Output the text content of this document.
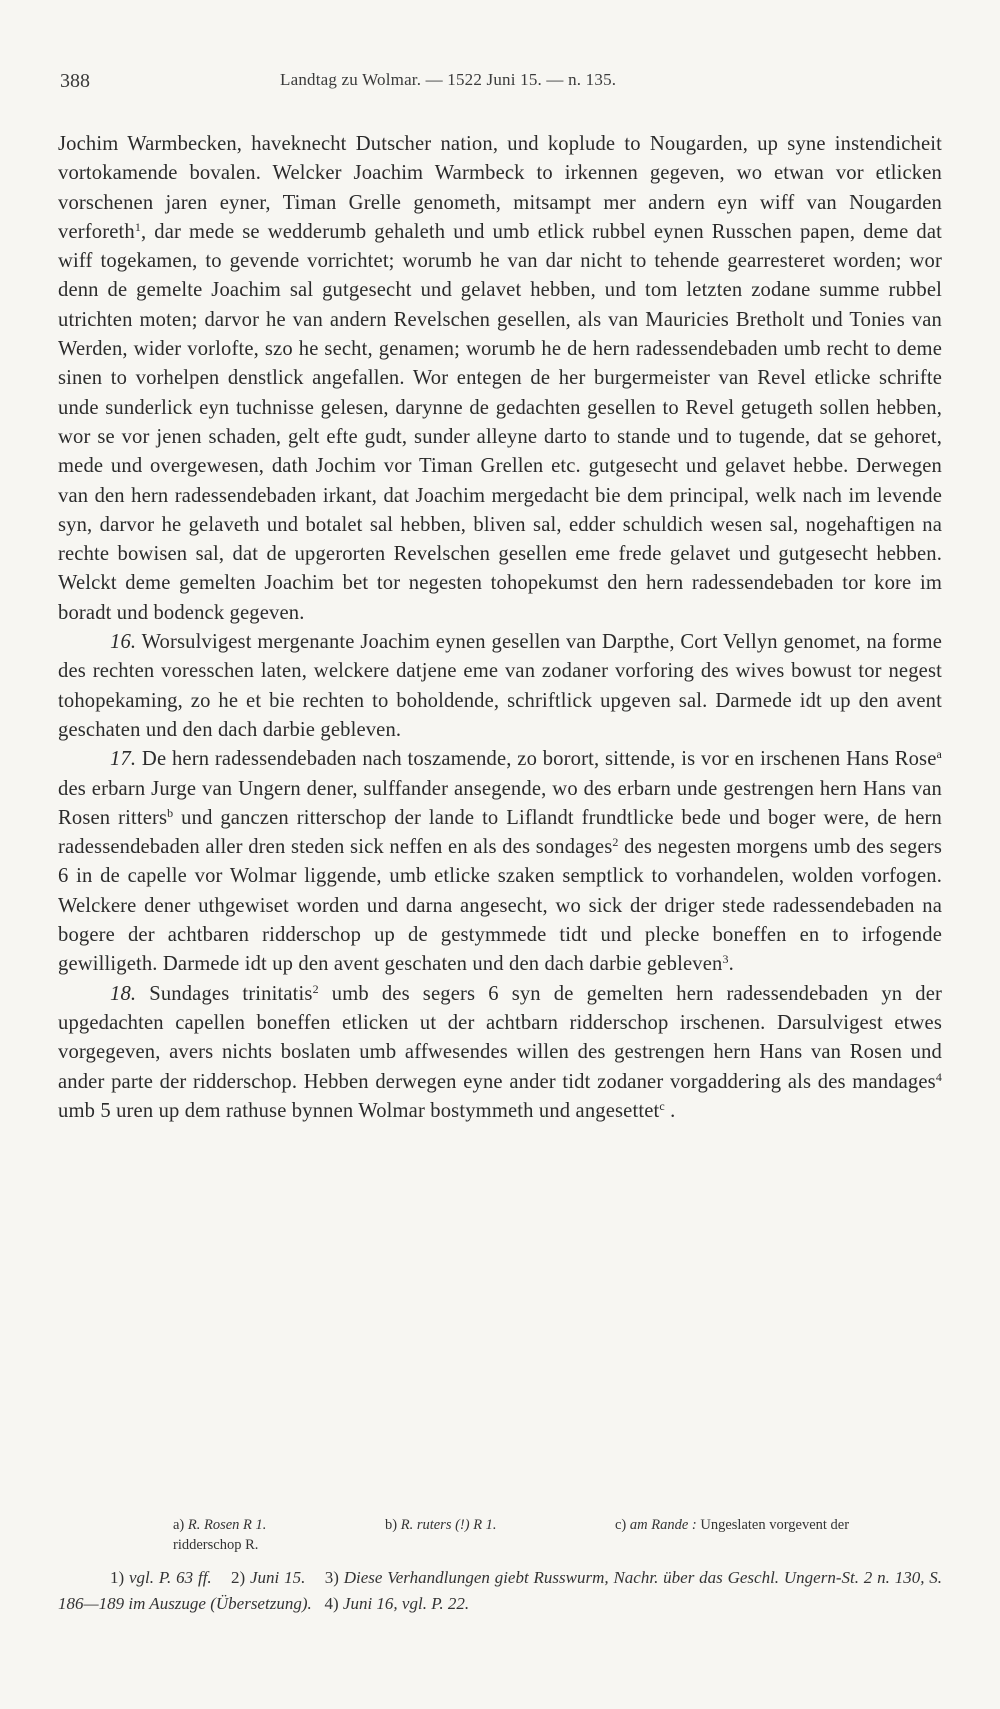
388	Landtag zu Wolmar. — 1522 Juni 15. — n. 135.

Jochim Warmbecken, haveknecht Dutscher nation, und koplude to Nougarden, up syne instendicheit vortokamende bovalen. Welcker Joachim Warmbeck to irkennen gegeven, wo etwan vor etlicken vorschenen jaren eyner, Timan Grelle genometh, mitsampt mer andern eyn wiff van Nougarden verforeth$^1$, dar mede se wedderumb gehaleth und umb etlick rubbel eynen Russchen papen, deme dat wiff togekamen, to gevende vorrichtet; worumb he van dar nicht to tehende gearresteret worden; wor denn de gemelte Joachim sal gutgesecht und gelavet hebben, und tom letzten zodane summe rubbel utrichten moten; darvor he van andern Revelschen gesellen, als van Mauricies Bretholt und Tonies van Werden, wider vorlofte, szo he secht, genamen; worumb he de hern radessendebaden umb recht to deme sinen to vorhelpen denstlick angefallen. Wor entegen de her burgermeister van Revel etlicke schrifte unde sunderlick eyn tuchnisse gelesen, darynne de gedachten gesellen to Revel getugeth sollen hebben, wor se vor jenen schaden, gelt efte gudt, sunder alleyne darto to stande und to tugende, dat se gehoret, mede und overgewesen, dath Jochim vor Timan Grellen etc. gutgesecht und gelavet hebbe. Derwegen van den hern radessendebaden irkant, dat Joachim mergedacht bie dem principal, welk nach im levende syn, darvor he gelaveth und botalet sal hebben, bliven sal, edder schuldich wesen sal, nogehaftigen na rechte bowisen sal, dat de upgerorten Revelschen gesellen eme frede gelavet und gutgesecht hebben. Welckt deme gemelten Joachim bet tor negesten tohopekumst den hern radessendebaden tor kore im boradt und bodenck gegeven.

16. Worsulvigest mergenante Joachim eynen gesellen van Darpthe, Cort Vellyn genomet, na forme des rechten voresschen laten, welckere datjene eme van zodaner vorforing des wives bowust tor negest tohopekaming, zo he et bie rechten to boholdende, schriftlick upgeven sal. Darmede idt up den avent geschaten und den dach darbie gebleven.

17. De hern radessendebaden nach toszamende, zo borort, sittende, is vor en irschenen Hans Rose$^a$ des erbarn Jurge van Ungern dener, sulffander ansegende, wo des erbarn unde gestrengen hern Hans van Rosen ritters$^b$ und ganczen ritterschop der lande to Liflandt frundtlicke bede und boger were, de hern radessendebaden aller dren steden sick neffen en als des sondages$^2$ des negesten morgens umb des segers 6 in de capelle vor Wolmar liggende, umb etlicke szaken semptlick to vorhandelen, wolden vorfogen. Welckere dener uthgewiset worden und darna angesecht, wo sick der driger stede radessendebaden na bogere der achtbaren ridderschop up de gestymmede tidt und plecke boneffen en to irfogende gewilligeth. Darmede idt up den avent geschaten und den dach darbie gebleven$^3$.

18. Sundages trinitatis$^2$ umb des segers 6 syn de gemelten hern radessendebaden yn der upgedachten capellen boneffen etlicken ut der achtbarn ridderschop irschenen. Darsulvigest etwes vorgegeven, avers nichts boslaten umb affwesendes willen des gestrengen hern Hans van Rosen und ander parte der ridderschop. Hebben derwegen eyne ander tidt zodaner vorgaddering als des mandages$^4$ umb 5 uren up dem rathuse bynnen Wolmar bostymmeth und angesettet$^c$ .

a) R. Rosen R 1.	b) R. ruters (!) R 1.	c) am Rande : Ungeslaten vorgevent der
ridderschop R.

1) vgl. P. 63 ff. 2) Juni 15. 3) Diese Verhandlungen giebt Russwurm, Nachr. über das Geschl. Ungern-St. 2 n. 130, S. 186—189 im Auszuge (Übersetzung). 4) Juni 16, vgl. P. 22.
